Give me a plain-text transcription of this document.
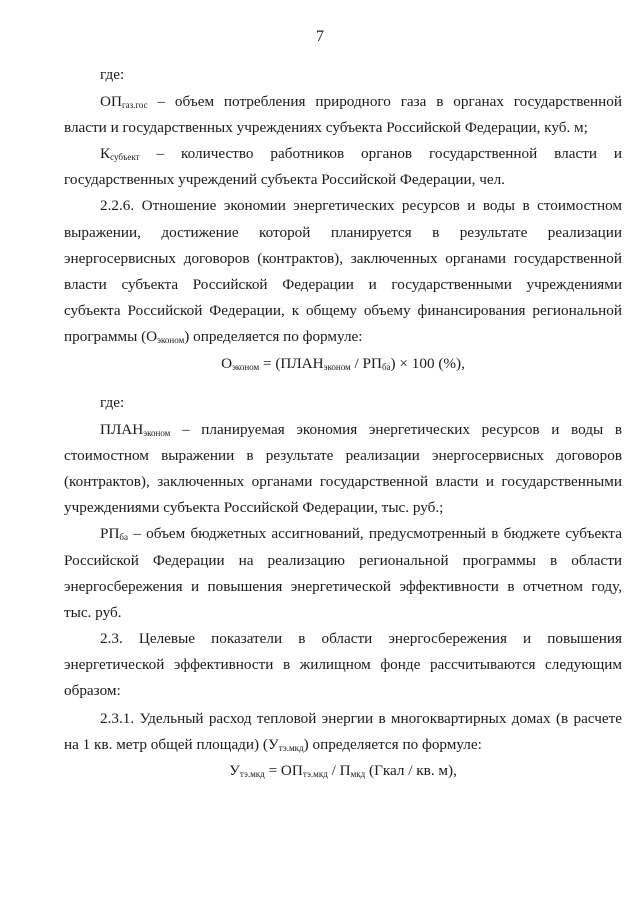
7
где:
$ОП_{газ.гос}$ – объем потребления природного газа в органах государственной
власти и государственных учреждениях субъекта Российской Федерации, куб. м;
$К_{субъект}$ – количество работников органов государственной власти и
государственных учреждений субъекта Российской Федерации, чел.
2.2.6. Отношение экономии энергетических ресурсов и воды в стоимостном
выражении, достижение которой планируется в результате реализации
энергосервисных договоров (контрактов), заключенных органами государственной
власти субъекта Российской Федерации и государственными учреждениями
субъекта Российской Федерации, к общему объему финансирования региональной
программы $(О_{эконом})$ определяется по формуле:
$О_{эконом}$ = $(ПЛАН_{эконом} / РП_{ба}) \times 100$ (%),
где:
$ПЛАН_{эконом}$ – планируемая экономия энергетических ресурсов и воды в
стоимостном выражении в результате реализации энергосервисных договоров
(контрактов), заключенных органами государственной власти и государственными
учреждениями субъекта Российской Федерации, тыс. руб.;
$РП_{ба}$ – объем бюджетных ассигнований, предусмотренный в бюджете субъекта
Российской Федерации на реализацию региональной программы в области
энергосбережения и повышения энергетической эффективности в отчетном году,
тыс. руб.
2.3. Целевые показатели в области энергосбережения и повышения
энергетической эффективности в жилищном фонде рассчитываются следующим
образом:
2.3.1. Удельный расход тепловой энергии в многоквартирных домах (в расчете
на 1 кв. метр общей площади) $(У_{тэ.мкд})$ определяется по формуле:
$У_{тэ.мкд} = ОП_{тэ.мкд} / П_{мкд}$ (Гкал / кв. м),
